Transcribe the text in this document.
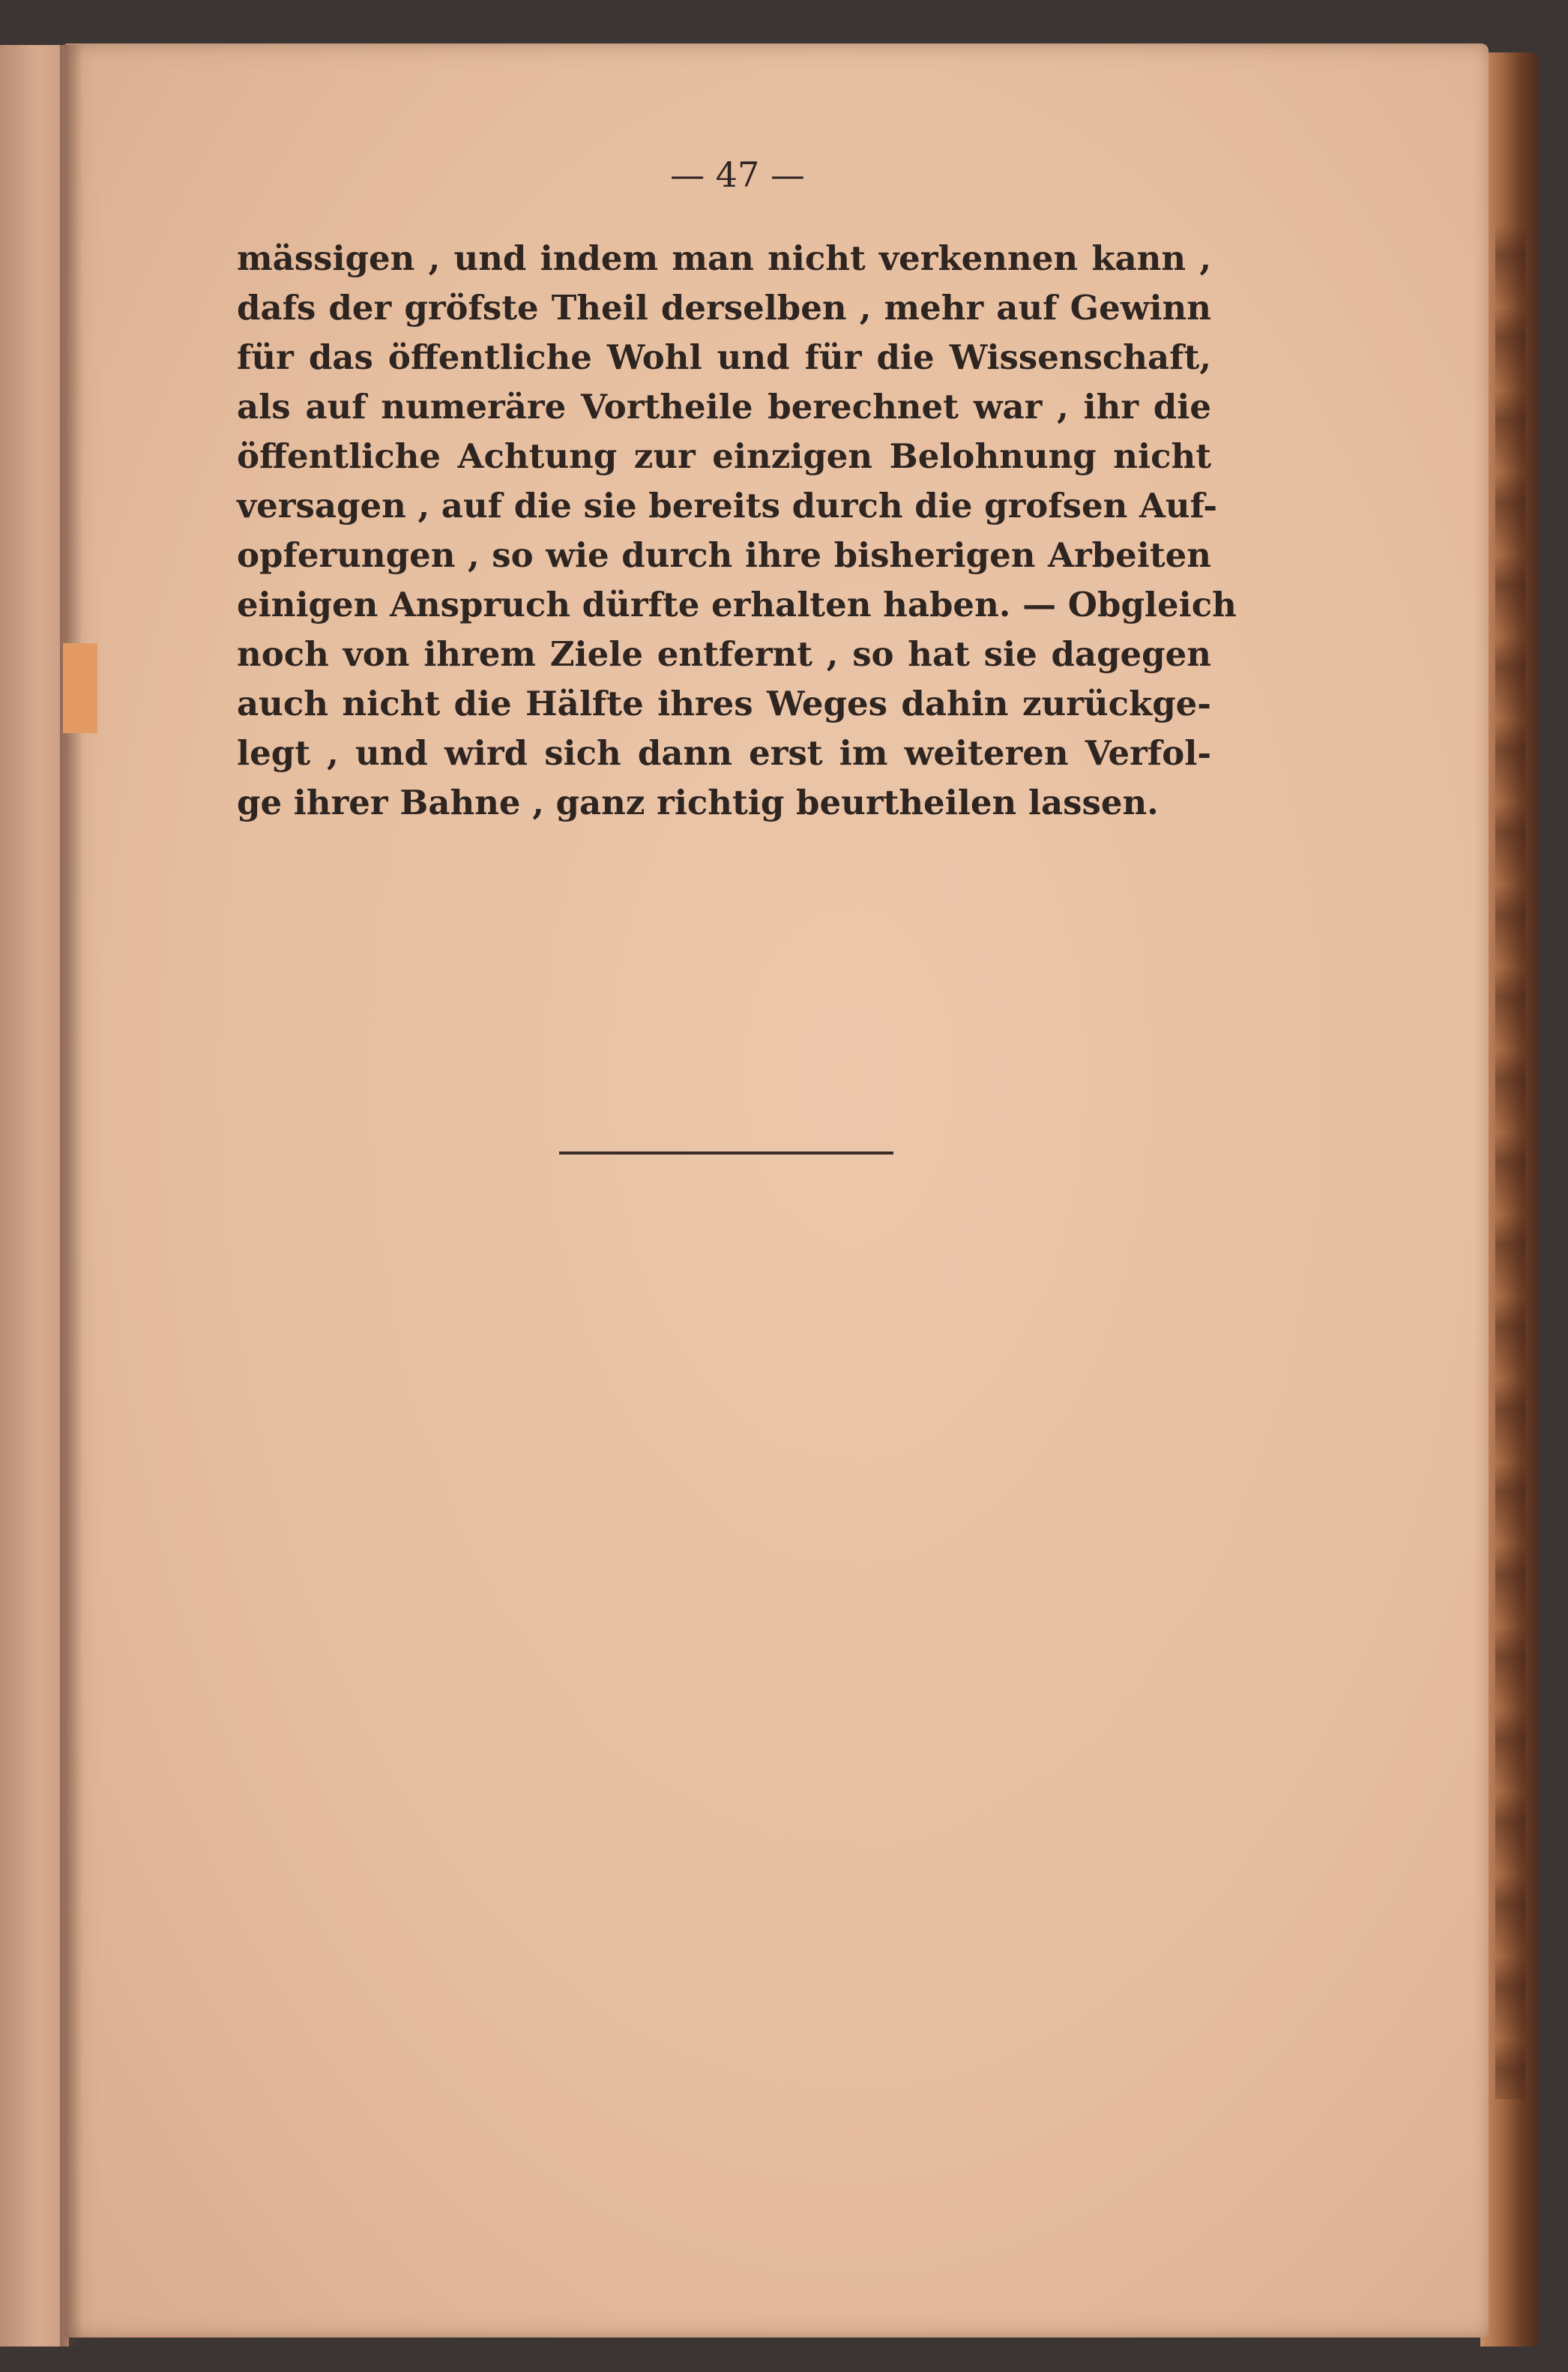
— 47 —
mässigen , und indem man nicht verkennen kann ,
dafs der gröfste Theil derselben , mehr auf Gewinn
für das öffentliche Wohl und für die Wissenschaft,
als auf numeräre Vortheile berechnet war , ihr die
öffentliche Achtung zur einzigen Belohnung nicht
versagen , auf die sie bereits durch die grofsen Auf-
opferungen , so wie durch ihre bisherigen Arbeiten
einigen Anspruch dürfte erhalten haben. — Obgleich
noch von ihrem Ziele entfernt , so hat sie dagegen
auch nicht die Hälfte ihres Weges dahin zurückge-
legt , und wird sich dann erst im weiteren Verfol-
ge ihrer Bahne , ganz richtig beurtheilen lassen.
